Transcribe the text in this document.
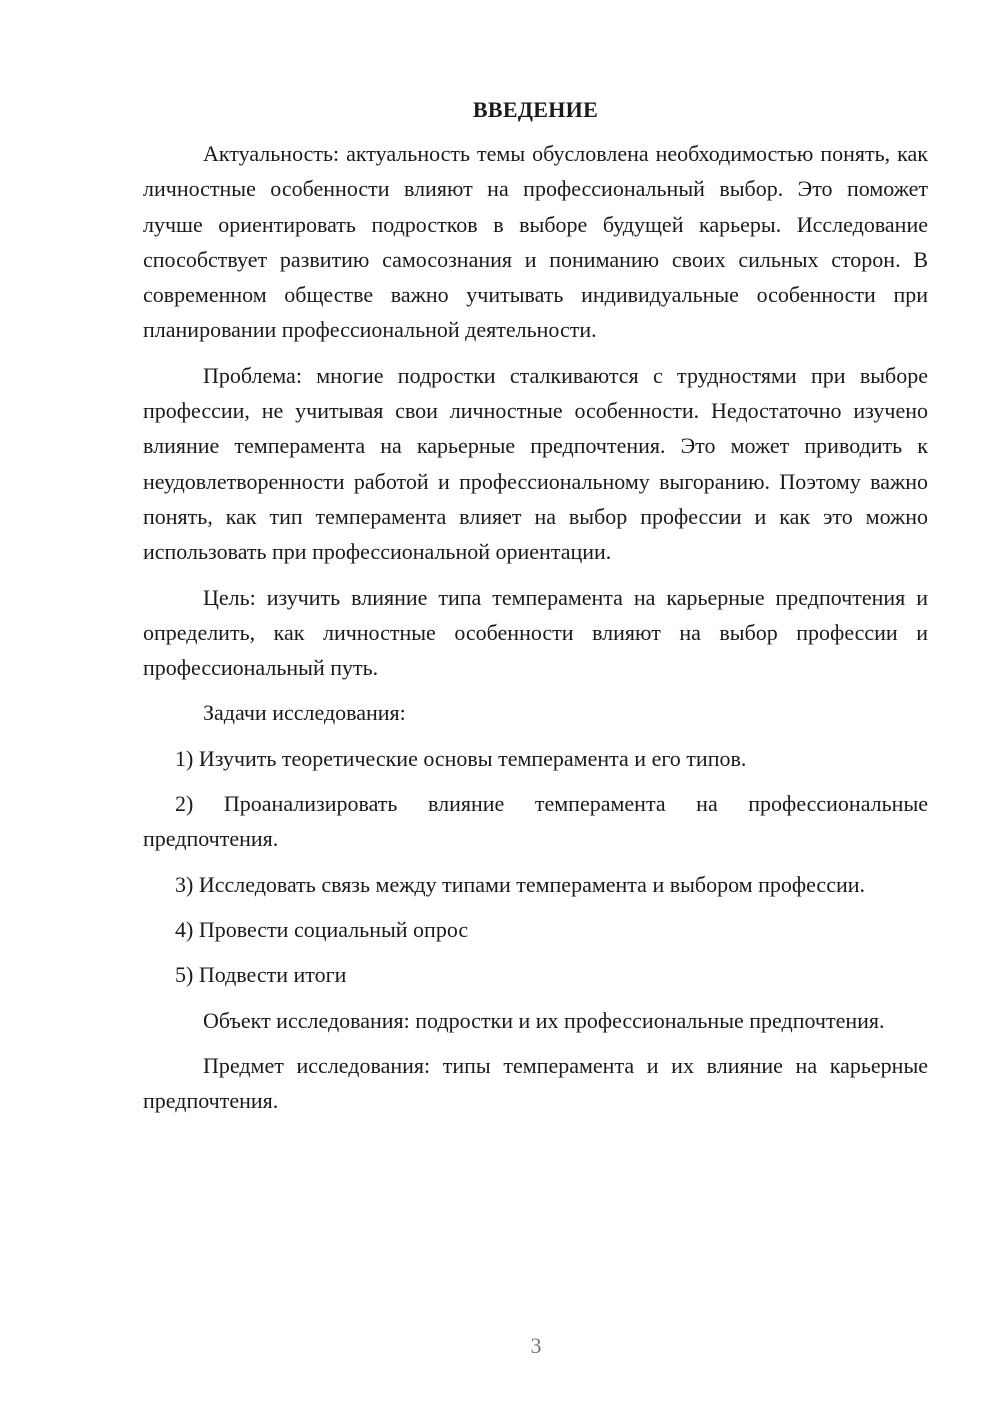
ВВЕДЕНИЕ

Актуальность: актуальность темы обусловлена необходимостью понять, как личностные особенности влияют на профессиональный выбор. Это поможет лучше ориентировать подростков в выборе будущей карьеры. Исследование способствует развитию самосознания и пониманию своих сильных сторон. В современном обществе важно учитывать индивидуальные особенности при планировании профессиональной деятельности.

Проблема: многие подростки сталкиваются с трудностями при выборе профессии, не учитывая свои личностные особенности. Недостаточно изучено влияние темперамента на карьерные предпочтения. Это может приводить к неудовлетворенности работой и профессиональному выгоранию. Поэтому важно понять, как тип темперамента влияет на выбор профессии и как это можно использовать при профессиональной ориентации.

Цель: изучить влияние типа темперамента на карьерные предпочтения и определить, как личностные особенности влияют на выбор профессии и профессиональный путь.

Задачи исследования:

1) Изучить теоретические основы темперамента и его типов.

2) Проанализировать влияние темперамента на профессиональные предпочтения.

3) Исследовать связь между типами темперамента и выбором профессии.

4) Провести социальный опрос

5) Подвести итоги

Объект исследования: подростки и их профессиональные предпочтения.

Предмет исследования: типы темперамента и их влияние на карьерные предпочтения.

3
